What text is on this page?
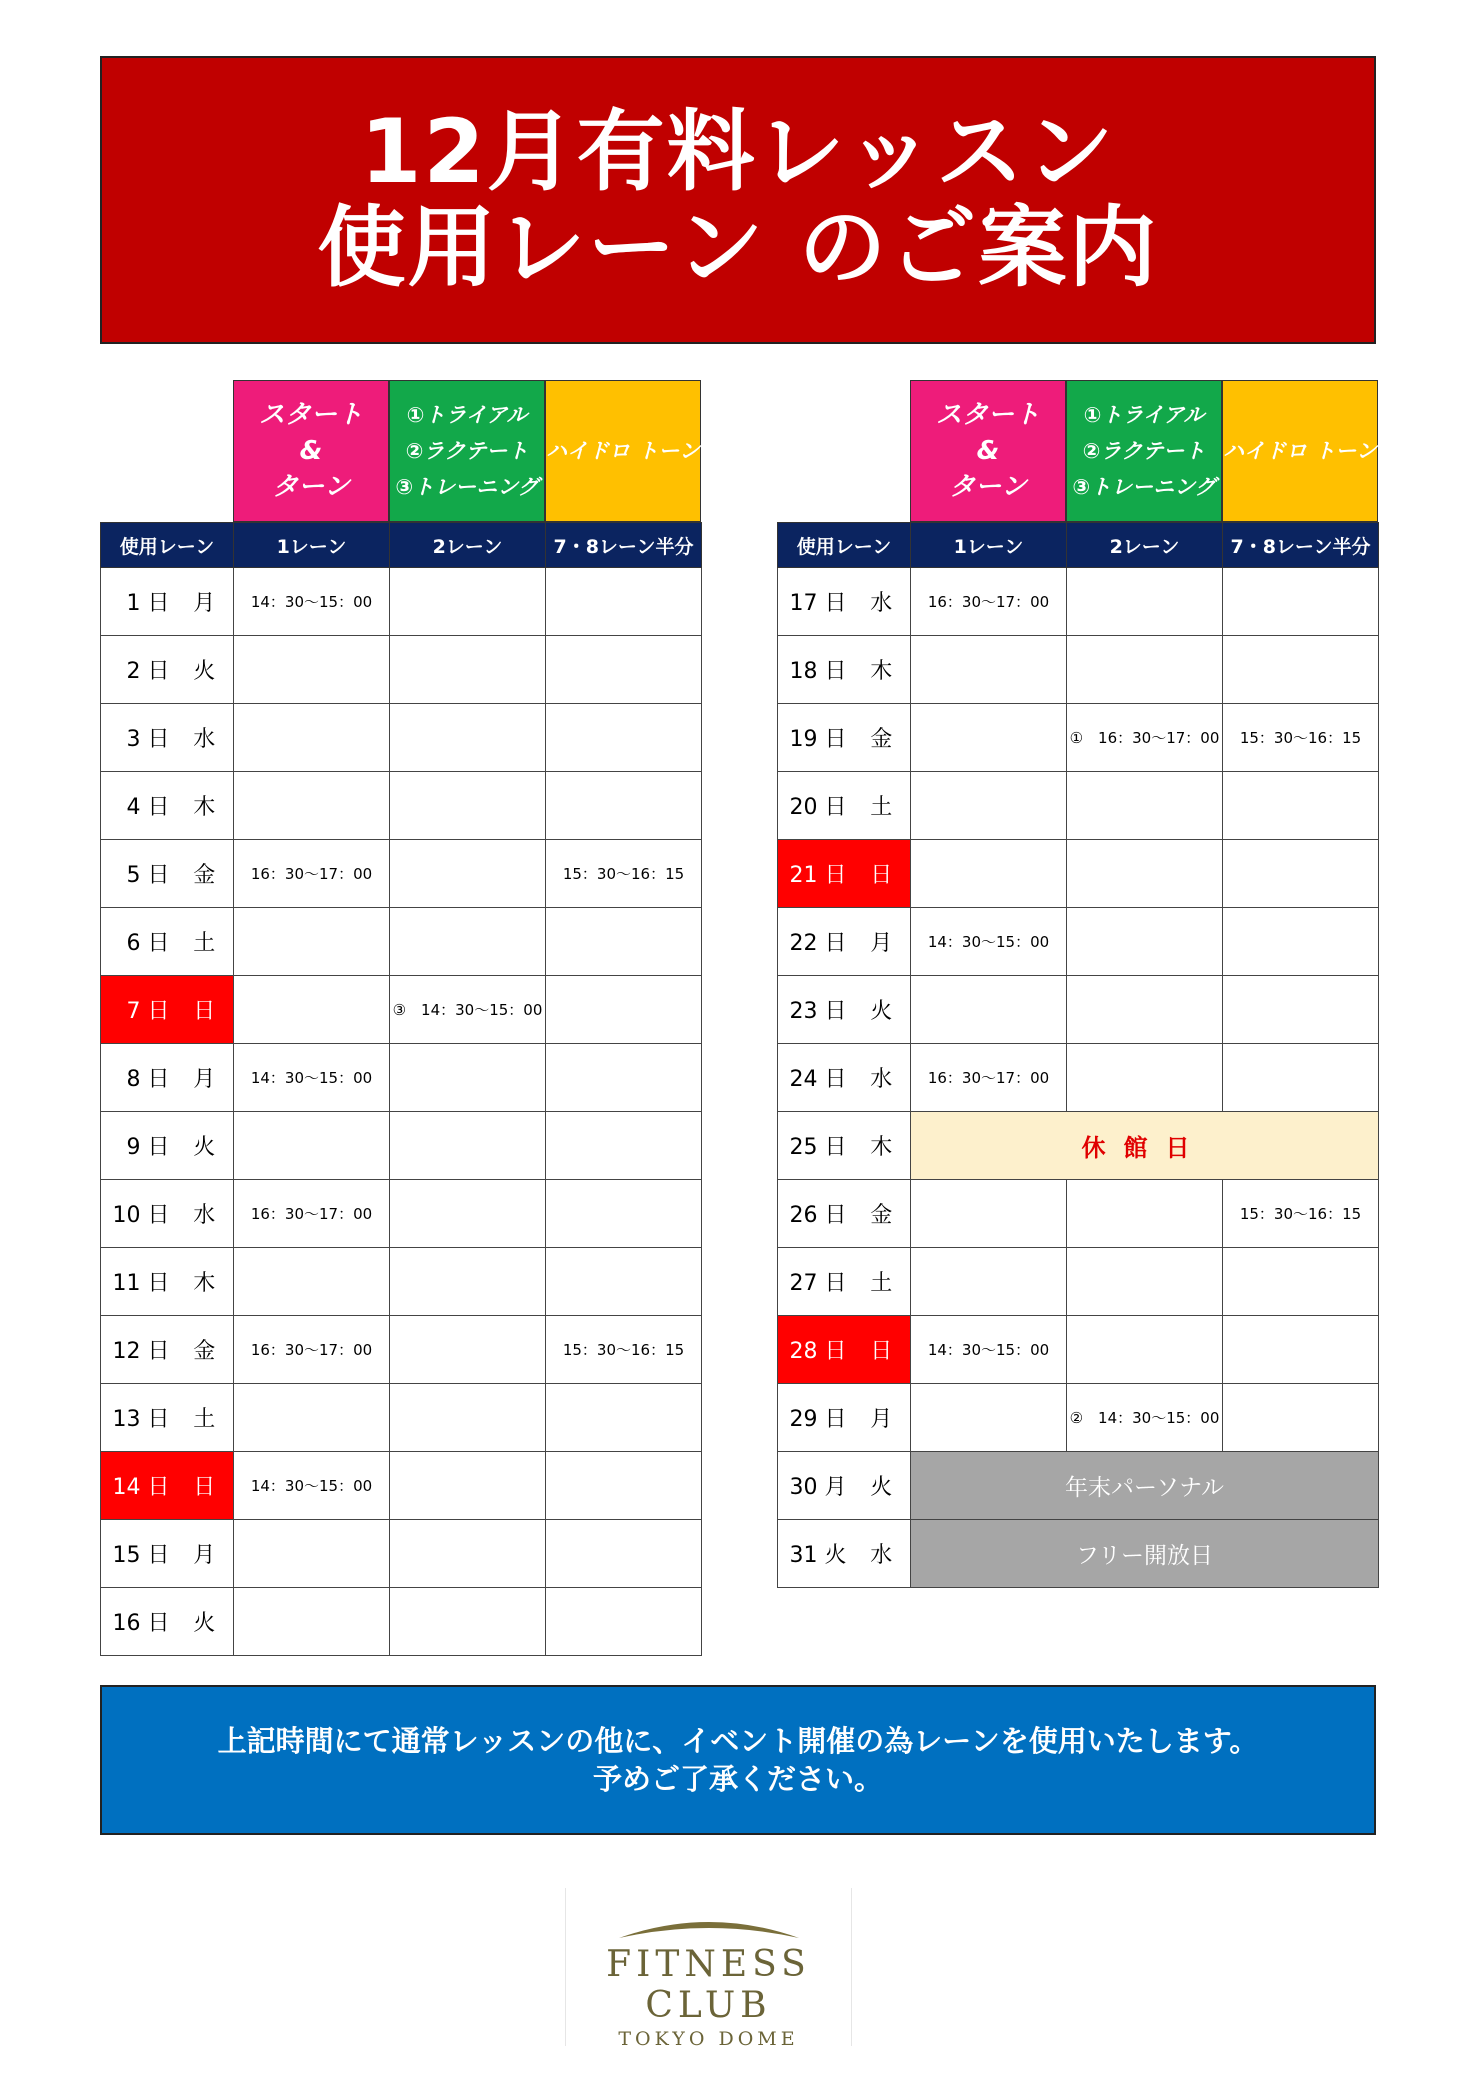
12月有料レッスン
使用レーン のご案内
スタート
&
ターン
①トライアル
②ラクテート
③トレーニング
ハイドロ トーン
使用レーン		1レーン	2レーン	7・8レーン半分
1 日	月	14：30〜15：00		
2 日	火			
3 日	水			
4 日	木			
5 日	金	16：30〜17：00		15：30〜16：15
6 日	土			
7 日	日		③　14：30〜15：00	
8 日	月	14：30〜15：00		
9 日	火			
10 日	水	16：30〜17：00		
11 日	木			
12 日	金	16：30〜17：00		15：30〜16：15
13 日	土			
14 日	日	14：30〜15：00		
15 日	月			
16 日	火			
スタート
&
ターン
①トライアル
②ラクテート
③トレーニング
ハイドロ トーン
使用レーン		1レーン	2レーン	7・8レーン半分
17 日	水	16：30〜17：00		
18 日	木			
19 日	金		①　16：30〜17：00	15：30〜16：15
20 日	土			
21 日	日			
22 日	月	14：30〜15：00		
23 日	火			
24 日	水	16：30〜17：00		
25 日	木	休館日		
26 日	金			15：30〜16：15
27 日	土			
28 日	日	14：30〜15：00		
29 日	月		②　14：30〜15：00	
30 月	火	年末パーソナル		
31 火	水	フリー開放日		
上記時間にて通常レッスンの他に、イベント開催の為レーンを使用いたします。
予めご了承ください。
FITNESS CLUB
TOKYO DOME
